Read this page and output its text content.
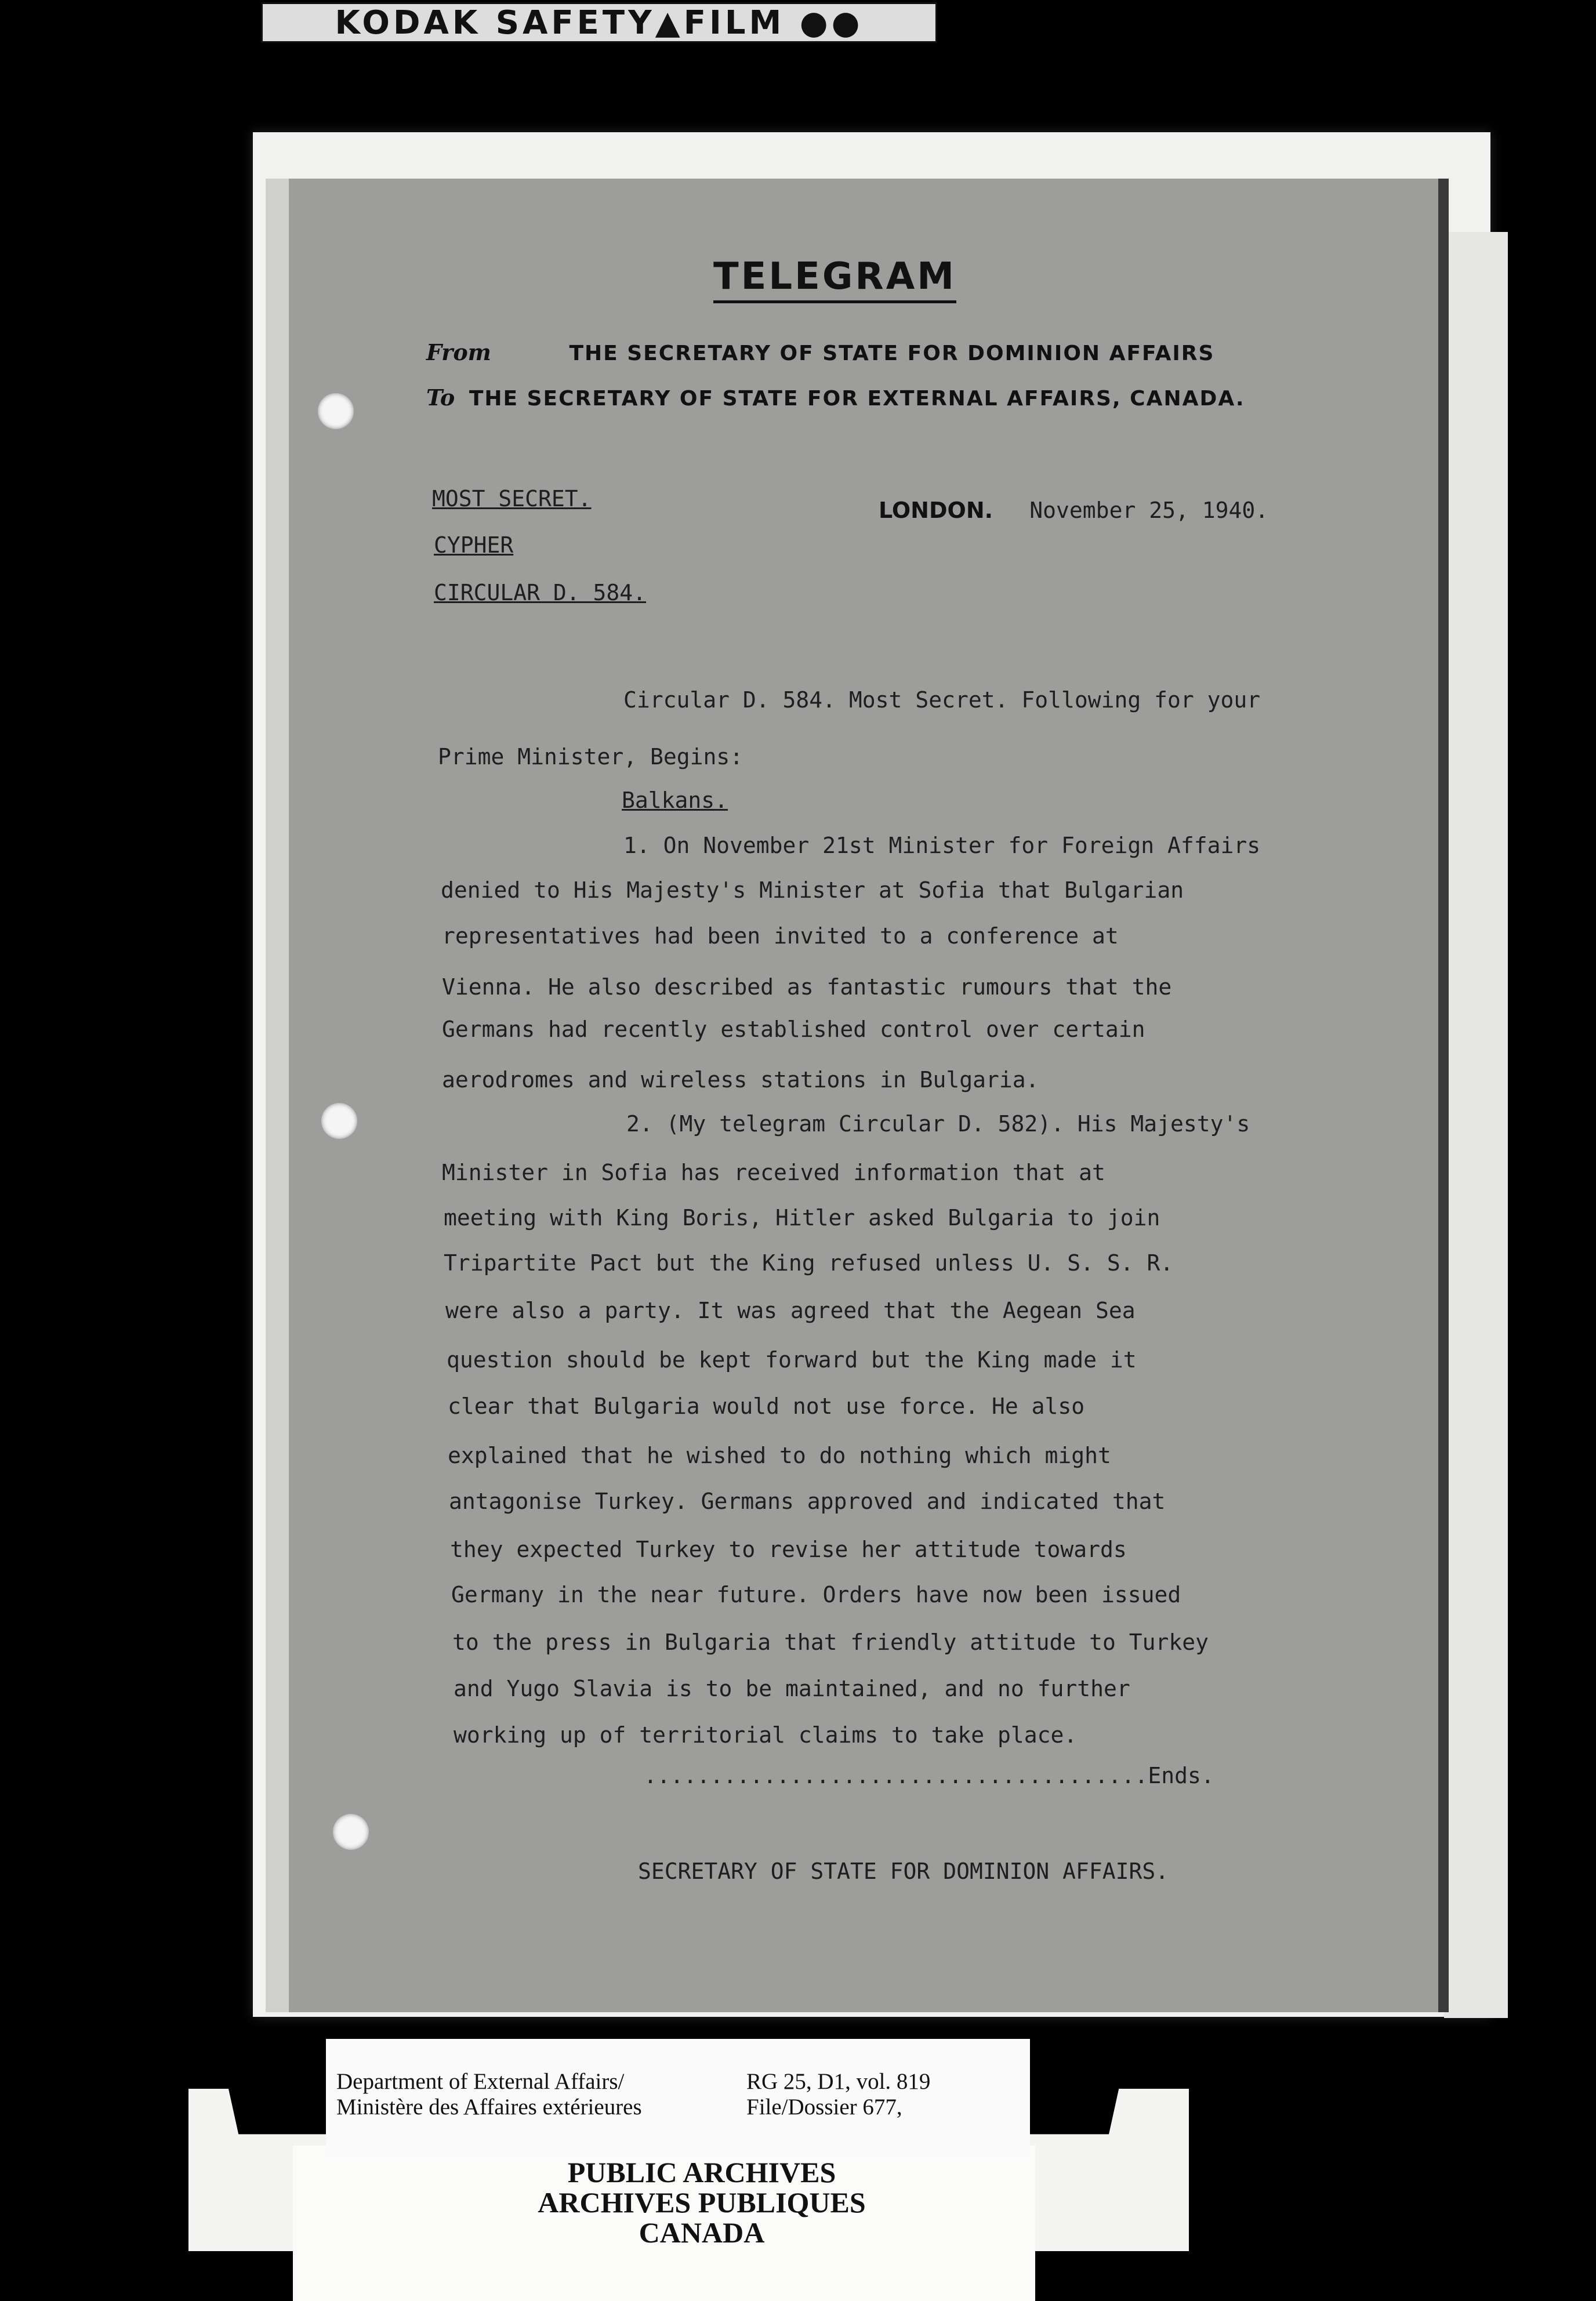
KODAK SAFETY▲FILM ●●
TELEGRAM
From	THE SECRETARY OF STATE FOR DOMINION AFFAIRS
To THE SECRETARY OF STATE FOR EXTERNAL AFFAIRS, CANADA.
MOST SECRET.
CYPHER
CIRCULAR D. 584.
LONDON. November 25, 1940.
Circular D. 584. Most Secret. Following for your
Prime Minister, Begins:
Balkans.
1. On November 21st Minister for Foreign Affairs
denied to His Majesty's Minister at Sofia that Bulgarian
representatives had been invited to a conference at
Vienna. He also described as fantastic rumours that the
Germans had recently established control over certain
aerodromes and wireless stations in Bulgaria.
2. (My telegram Circular D. 582). His Majesty's
Minister in Sofia has received information that at
meeting with King Boris, Hitler asked Bulgaria to join
Tripartite Pact but the King refused unless U. S. S. R.
were also a party. It was agreed that the Aegean Sea
question should be kept forward but the King made it
clear that Bulgaria would not use force. He also
explained that he wished to do nothing which might
antagonise Turkey. Germans approved and indicated that
they expected Turkey to revise her attitude towards
Germany in the near future. Orders have now been issued
to the press in Bulgaria that friendly attitude to Turkey
and Yugo Slavia is to be maintained, and no further
working up of territorial claims to take place.
......................................Ends.
SECRETARY OF STATE FOR DOMINION AFFAIRS.
Department of External Affairs/
Ministère des Affaires extérieures
RG 25, D1, vol. 819
File/Dossier 677,
PUBLIC ARCHIVES
ARCHIVES PUBLIQUES
CANADA
